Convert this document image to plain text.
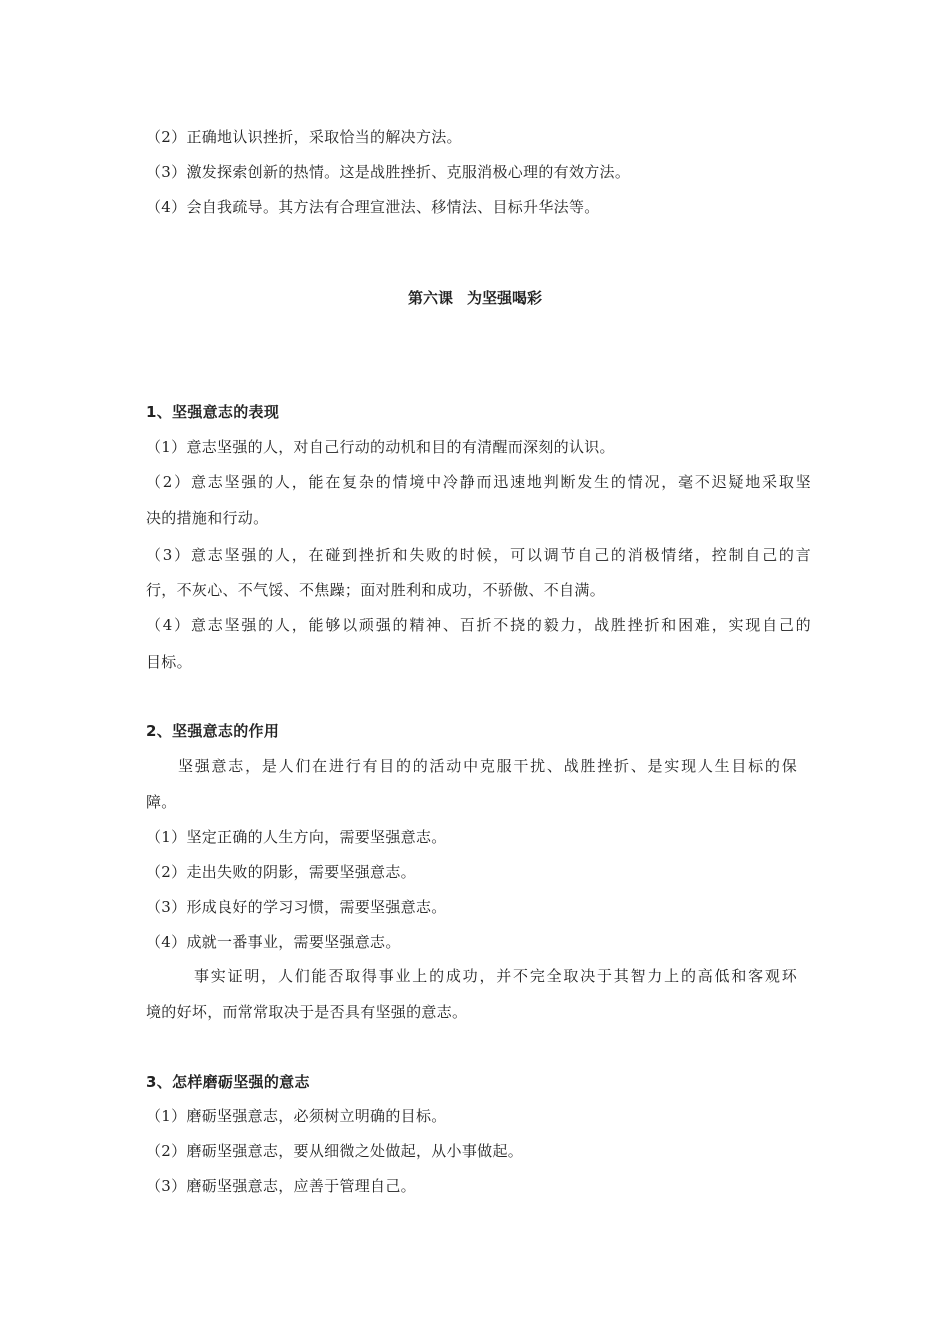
（2）正确地认识挫折，采取恰当的解决方法。
（3）激发探索创新的热情。这是战胜挫折、克服消极心理的有效方法。
（4）会自我疏导。其方法有合理宣泄法、移情法、目标升华法等。
第六课 为坚强喝彩
1、坚强意志的表现
（1）意志坚强的人，对自己行动的动机和目的有清醒而深刻的认识。
（2）意志坚强的人，能在复杂的情境中冷静而迅速地判断发生的情况，毫不迟疑地采取坚
决的措施和行动。
（3）意志坚强的人，在碰到挫折和失败的时候，可以调节自己的消极情绪，控制自己的言
行，不灰心、不气馁、不焦躁；面对胜利和成功，不骄傲、不自满。
（4）意志坚强的人，能够以顽强的精神、百折不挠的毅力，战胜挫折和困难，实现自己的
目标。
2、坚强意志的作用
坚强意志，是人们在进行有目的的活动中克服干扰、战胜挫折、是实现人生目标的保
障。
（1）坚定正确的人生方向，需要坚强意志。
（2）走出失败的阴影，需要坚强意志。
（3）形成良好的学习习惯，需要坚强意志。
（4）成就一番事业，需要坚强意志。
事实证明，人们能否取得事业上的成功，并不完全取决于其智力上的高低和客观环
境的好坏，而常常取决于是否具有坚强的意志。
3、怎样磨砺坚强的意志
（1）磨砺坚强意志，必须树立明确的目标。
（2）磨砺坚强意志，要从细微之处做起，从小事做起。
（3）磨砺坚强意志，应善于管理自己。
